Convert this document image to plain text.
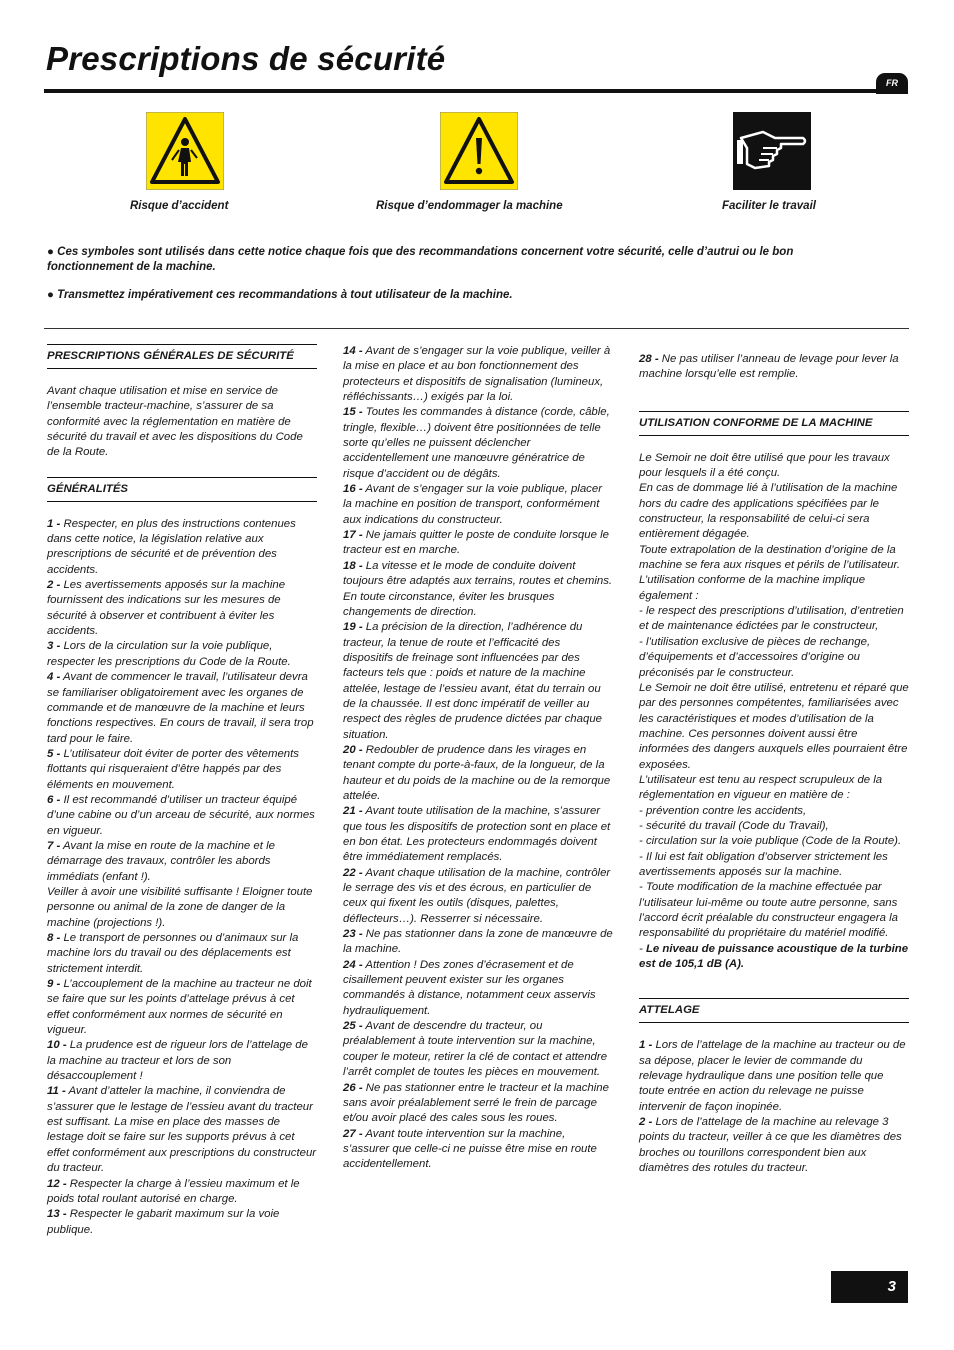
Prescriptions de sécurité
FR
Risque d’accident	Risque d’endommager la machine	Faciliter le travail

● Ces symboles sont utilisés dans cette notice chaque fois que des recommandations concernent votre sécurité, celle d’autrui ou le bon fonctionnement de la machine.

● Transmettez impérativement ces recommandations à tout utilisateur de la machine.

PRESCRIPTIONS GÉNÉRALES DE SÉCURITÉ

Avant chaque utilisation et mise en service de l’ensemble tracteur-machine, s’assurer de sa conformité avec la réglementation en matière de sécurité du travail et avec les dispositions du Code de la Route.

GÉNÉRALITÉS

1 - Respecter, en plus des instructions contenues dans cette notice, la législation relative aux prescriptions de sécurité et de prévention des accidents.

2 - Les avertissements apposés sur la machine fournissent des indications sur les mesures de sécurité à observer et contribuent à éviter les accidents.

3 - Lors de la circulation sur la voie publique, respecter les prescriptions du Code de la Route.

4 - Avant de commencer le travail, l’utilisateur devra se familiariser obligatoirement avec les organes de commande et de manœuvre de la machine et leurs fonctions respectives. En cours de travail, il sera trop tard pour le faire.

5 - L’utilisateur doit éviter de porter des vêtements flottants qui risqueraient d’être happés par des éléments en mouvement.

6 - Il est recommandé d’utiliser un tracteur équipé d’une cabine ou d’un arceau de sécurité, aux normes en vigueur.

7 - Avant la mise en route de la machine et le démarrage des travaux, contrôler les abords immédiats (enfant !).

Veiller à avoir une visibilité suffisante ! Eloigner toute personne ou animal de la zone de danger de la machine (projections !).

8 - Le transport de personnes ou d’animaux sur la machine lors du travail ou des déplacements est strictement interdit.

9 - L’accouplement de la machine au tracteur ne doit se faire que sur les points d’attelage prévus à cet effet conformément aux normes de sécurité en vigueur.

10 - La prudence est de rigueur lors de l’attelage de la machine au tracteur et lors de son désaccouplement !

11 - Avant d’atteler la machine, il conviendra de s’assurer que le lestage de l’essieu avant du tracteur est suffisant. La mise en place des masses de lestage doit se faire sur les supports prévus à cet effet conformément aux prescriptions du constructeur du tracteur.

12 - Respecter la charge à l’essieu maximum et le poids total roulant autorisé en charge.

13 - Respecter le gabarit maximum sur la voie publique.

14 - Avant de s’engager sur la voie publique, veiller à la mise en place et au bon fonctionnement des protecteurs et dispositifs de signalisation (lumineux, réfléchissants…) exigés par la loi.

15 - Toutes les commandes à distance (corde, câble, tringle, flexible…) doivent être positionnées de telle sorte qu’elles ne puissent déclencher accidentellement une manœuvre génératrice de risque d’accident ou de dégâts.

16 - Avant de s’engager sur la voie publique, placer la machine en position de transport, conformément aux indications du constructeur.

17 - Ne jamais quitter le poste de conduite lorsque le tracteur est en marche.

18 - La vitesse et le mode de conduite doivent toujours être adaptés aux terrains, routes et chemins. En toute circonstance, éviter les brusques changements de direction.

19 - La précision de la direction, l’adhérence du tracteur, la tenue de route et l’efficacité des dispositifs de freinage sont influencées par des facteurs tels que : poids et nature de la machine attelée, lestage de l’essieu avant, état du terrain ou de la chaussée. Il est donc impératif de veiller au respect des règles de prudence dictées par chaque situation.

20 - Redoubler de prudence dans les virages en tenant compte du porte-à-faux, de la longueur, de la hauteur et du poids de la machine ou de la remorque attelée.

21 - Avant toute utilisation de la machine, s’assurer que tous les dispositifs de protection sont en place et en bon état. Les protecteurs endommagés doivent être immédiatement remplacés.

22 - Avant chaque utilisation de la machine, contrôler le serrage des vis et des écrous, en particulier de ceux qui fixent les outils (disques, palettes, déflecteurs…). Resserrer si nécessaire.

23 - Ne pas stationner dans la zone de manœuvre de la machine.

24 - Attention ! Des zones d’écrasement et de cisaillement peuvent exister sur les organes commandés à distance, notamment ceux asservis hydrauliquement.

25 - Avant de descendre du tracteur, ou préalablement à toute intervention sur la machine, couper le moteur, retirer la clé de contact et attendre l’arrêt complet de toutes les pièces en mouvement.

26 - Ne pas stationner entre le tracteur et la machine sans avoir préalablement serré le frein de parcage et/ou avoir placé des cales sous les roues.

27 - Avant toute intervention sur la machine, s’assurer que celle-ci ne puisse être mise en route accidentellement.

28 - Ne pas utiliser l’anneau de levage pour lever la machine lorsqu’elle est remplie.

UTILISATION CONFORME DE LA MACHINE

Le Semoir ne doit être utilisé que pour les travaux pour lesquels il a été conçu.

En cas de dommage lié à l’utilisation de la machine hors du cadre des applications spécifiées par le constructeur, la responsabilité de celui-ci sera entièrement dégagée.

Toute extrapolation de la destination d’origine de la machine se fera aux risques et périls de l’utilisateur.

L’utilisation conforme de la machine implique également :

- le respect des prescriptions d’utilisation, d’entretien et de maintenance édictées par le constructeur,

- l’utilisation exclusive de pièces de rechange, d’équipements et d’accessoires d’origine ou préconisés par le constructeur.

Le Semoir ne doit être utilisé, entretenu et réparé que par des personnes compétentes, familiarisées avec les caractéristiques et modes d’utilisation de la machine. Ces personnes doivent aussi être informées des dangers auxquels elles pourraient être exposées.

L’utilisateur est tenu au respect scrupuleux de la réglementation en vigueur en matière de :

- prévention contre les accidents,

- sécurité du travail (Code du Travail),

- circulation sur la voie publique (Code de la Route).

- Il lui est fait obligation d’observer strictement les avertissements apposés sur la machine.

- Toute modification de la machine effectuée par l’utilisateur lui-même ou toute autre personne, sans l’accord écrit préalable du constructeur engagera la responsabilité du propriétaire du matériel modifié.

- Le niveau de puissance acoustique de la turbine est de 105,1 dB (A).

ATTELAGE

1 - Lors de l’attelage de la machine au tracteur ou de sa dépose, placer le levier de commande du relevage hydraulique dans une position telle que toute entrée en action du relevage ne puisse intervenir de façon inopinée.

2 - Lors de l’attelage de la machine au relevage 3 points du tracteur, veiller à ce que les diamètres des broches ou tourillons correspondent bien aux diamètres des rotules du tracteur.

3
